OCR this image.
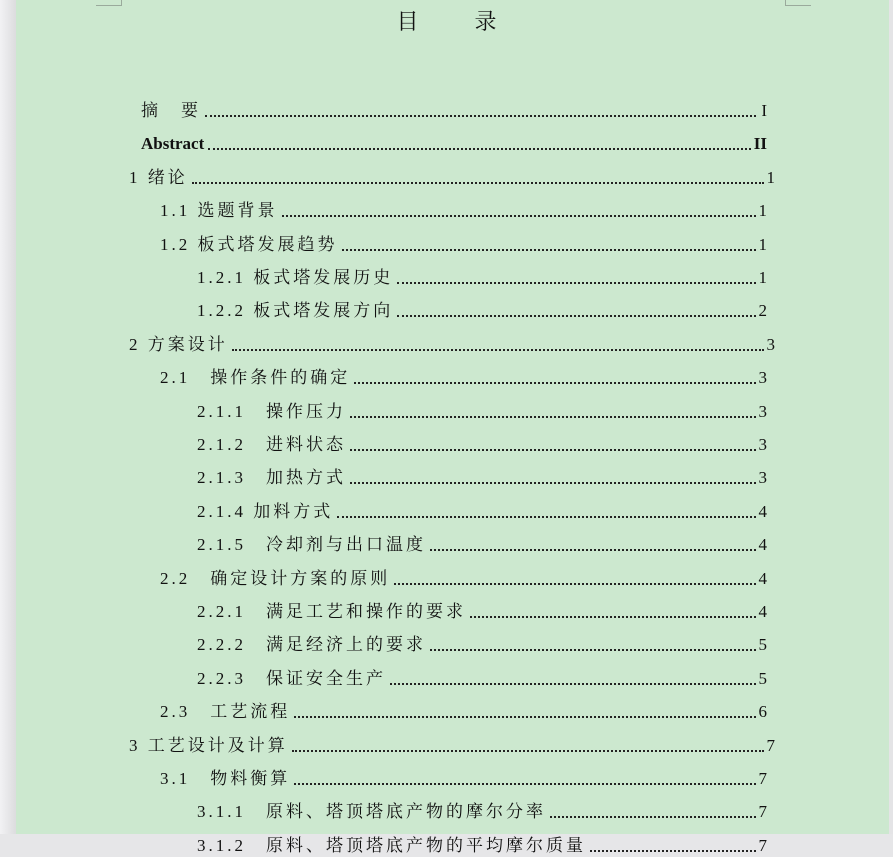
目录
摘　要	I
Abstract	II
1 绪论	1
1.1 选题背景	1
1.2 板式塔发展趋势	1
1.2.1 板式塔发展历史	1
1.2.2 板式塔发展方向	2
2 方案设计	3
2.1　操作条件的确定	3
2.1.1　操作压力	3
2.1.2　进料状态	3
2.1.3　加热方式	3
2.1.4 加料方式	4
2.1.5　冷却剂与出口温度	4
2.2　确定设计方案的原则	4
2.2.1　满足工艺和操作的要求	4
2.2.2　满足经济上的要求	5
2.2.3　保证安全生产	5
2.3　工艺流程	6
3 工艺设计及计算	7
3.1　物料衡算	7
3.1.1　原料、塔顶塔底产物的摩尔分率	7
3.1.2　原料、塔顶塔底产物的平均摩尔质量	7
